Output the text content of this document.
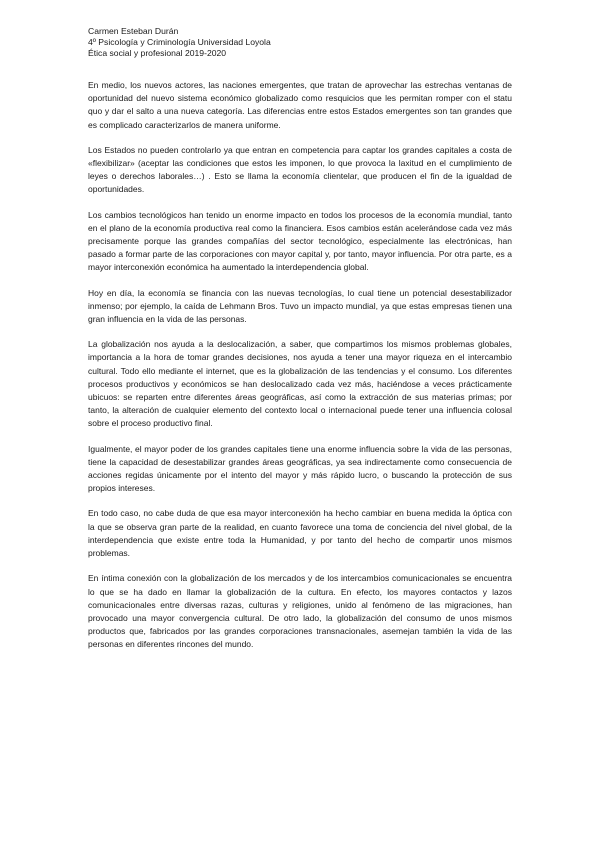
Carmen Esteban Durán

4º Psicología y Criminología Universidad Loyola

Ética social y profesional 2019-2020

En medio, los nuevos actores, las naciones emergentes, que tratan de aprovechar las estrechas ventanas de oportunidad del nuevo sistema económico globalizado como resquicios que les permitan romper con el statu quo y dar el salto a una nueva categoría. Las diferencias entre estos Estados emergentes son tan grandes que es complicado caracterizarlos de manera uniforme.

Los Estados no pueden controlarlo ya que entran en competencia para captar los grandes capitales a costa de «flexibilizar» (aceptar las condiciones que estos les imponen, lo que provoca la laxitud en el cumplimiento de leyes o derechos laborales…) . Esto se llama la economía clientelar, que producen el fin de la igualdad de oportunidades.

Los cambios tecnológicos han tenido un enorme impacto en todos los procesos de la economía mundial, tanto en el plano de la economía productiva real como la financiera. Esos cambios están acelerándose cada vez más precisamente porque las grandes compañías del sector tecnológico, especialmente las electrónicas, han pasado a formar parte de las corporaciones con mayor capital y, por tanto, mayor influencia. Por otra parte, es a mayor interconexión económica ha aumentado la interdependencia global.

Hoy en día, la economía se financia con las nuevas tecnologías, lo cual tiene un potencial desestabilizador inmenso; por ejemplo, la caída de Lehmann Bros. Tuvo un impacto mundial, ya que estas empresas tienen una gran influencia en la vida de las personas.

La globalización nos ayuda a la deslocalización, a saber, que compartimos los mismos problemas globales, importancia a la hora de tomar grandes decisiones, nos ayuda a tener una mayor riqueza en el intercambio cultural. Todo ello mediante el internet, que es la globalización de las tendencias y el consumo. Los diferentes procesos productivos y económicos se han deslocalizado cada vez más, haciéndose a veces prácticamente ubicuos: se reparten entre diferentes áreas geográficas, así como la extracción de sus materias primas; por tanto, la alteración de cualquier elemento del contexto local o internacional puede tener una influencia colosal sobre el proceso productivo final.

Igualmente, el mayor poder de los grandes capitales tiene una enorme influencia sobre la vida de las personas, tiene la capacidad de desestabilizar grandes áreas geográficas, ya sea indirectamente como consecuencia de acciones regidas únicamente por el intento del mayor y más rápido lucro, o buscando la protección de sus propios intereses.

En todo caso, no cabe duda de que esa mayor interconexión ha hecho cambiar en buena medida la óptica con la que se observa gran parte de la realidad, en cuanto favorece una toma de conciencia del nivel global, de la interdependencia que existe entre toda la Humanidad, y por tanto del hecho de compartir unos mismos problemas.

En íntima conexión con la globalización de los mercados y de los intercambios comunicacionales se encuentra lo que se ha dado en llamar la globalización de la cultura. En efecto, los mayores contactos y lazos comunicacionales entre diversas razas, culturas y religiones, unido al fenómeno de las migraciones, han provocado una mayor convergencia cultural. De otro lado, la globalización del consumo de unos mismos productos que, fabricados por las grandes corporaciones transnacionales, asemejan también la vida de las personas en diferentes rincones del mundo.
